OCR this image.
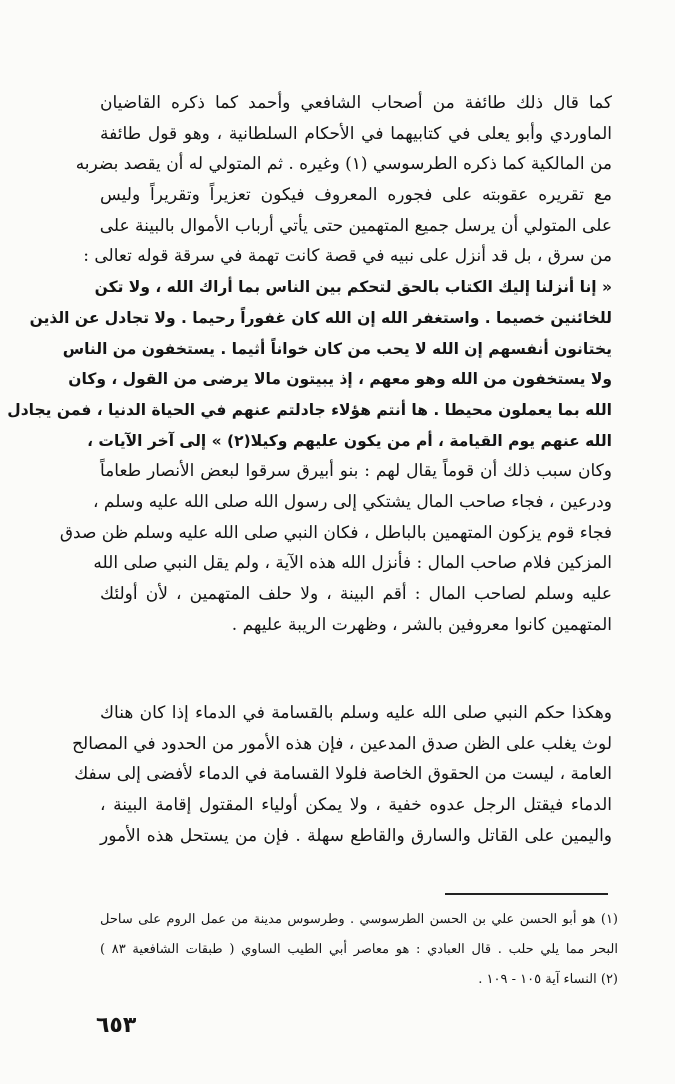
كما قال ذلك طائفة من أصحاب الشافعي وأحمد كما ذكره القاضيان
الماوردي وأبو يعلى في كتابيهما في الأحكام السلطانية ، وهو قول طائفة
من المالكية كما ذكره الطرسوسي (١) وغيره . ثم المتولي له أن يقصد بضربه
مع تقريره عقوبته على فجوره المعروف فيكون تعزيراً وتقريراً وليس
على المتولي أن يرسل جميع المتهمين حتى يأتي أرباب الأموال بالبينة على
من سرق ، بل قد أنزل على نبيه في قصة كانت تهمة في سرقة قوله تعالى :
« إنا أنزلنا إليك الكتاب بالحق لتحكم بين الناس بما أراك الله ، ولا تكن
للخائنين خصيما . واستغفر الله إن الله كان غفوراً رحيما . ولا تجادل عن الذين
يختانون أنفسهم إن الله لا يحب من كان خواناً أثيما . يستخفون من الناس
ولا يستخفون من الله وهو معهم ، إذ يبيتون مالا يرضى من القول ، وكان
الله بما يعملون محيطا . ها أنتم هؤلاء جادلتم عنهم في الحياة الدنيا ، فمن يجادل
الله عنهم يوم القيامة ، أم من يكون عليهم وكيلا(٢) » إلى آخر الآيات ،
وكان سبب ذلك أن قوماً يقال لهم : بنو أبيرق سرقوا لبعض الأنصار طعاماً
ودرعين ، فجاء صاحب المال يشتكي إلى رسول الله صلى الله عليه وسلم ،
فجاء قوم يزكون المتهمين بالباطل ، فكان النبي صلى الله عليه وسلم ظن صدق
المزكين فلام صاحب المال : فأنزل الله هذه الآية ، ولم يقل النبي صلى الله
عليه وسلم لصاحب المال : أقم البينة ، ولا حلف المتهمين ، لأن أولئك
المتهمين كانوا معروفين بالشر ، وظهرت الريبة عليهم .
وهكذا حكم النبي صلى الله عليه وسلم بالقسامة في الدماء إذا كان هناك
لوث يغلب على الظن صدق المدعين ، فإن هذه الأمور من الحدود في المصالح
العامة ، ليست من الحقوق الخاصة فلولا القسامة في الدماء لأفضى إلى سفك
الدماء فيقتل الرجل عدوه خفية ، ولا يمكن أولياء المقتول إقامة البينة ،
واليمين على القاتل والسارق والقاطع سهلة . فإن من يستحل هذه الأمور
(١) هو أبو الحسن علي بن الحسن الطرسوسي . وطرسوس مدينة من عمل الروم على ساحل
البحر مما يلي حلب . قال العبادي : هو معاصر أبي الطيب الساوي ( طبقات الشافعية ٨٣ )
(٢) النساء آية ١٠٥ - ١٠٩ .
٦٥٣
